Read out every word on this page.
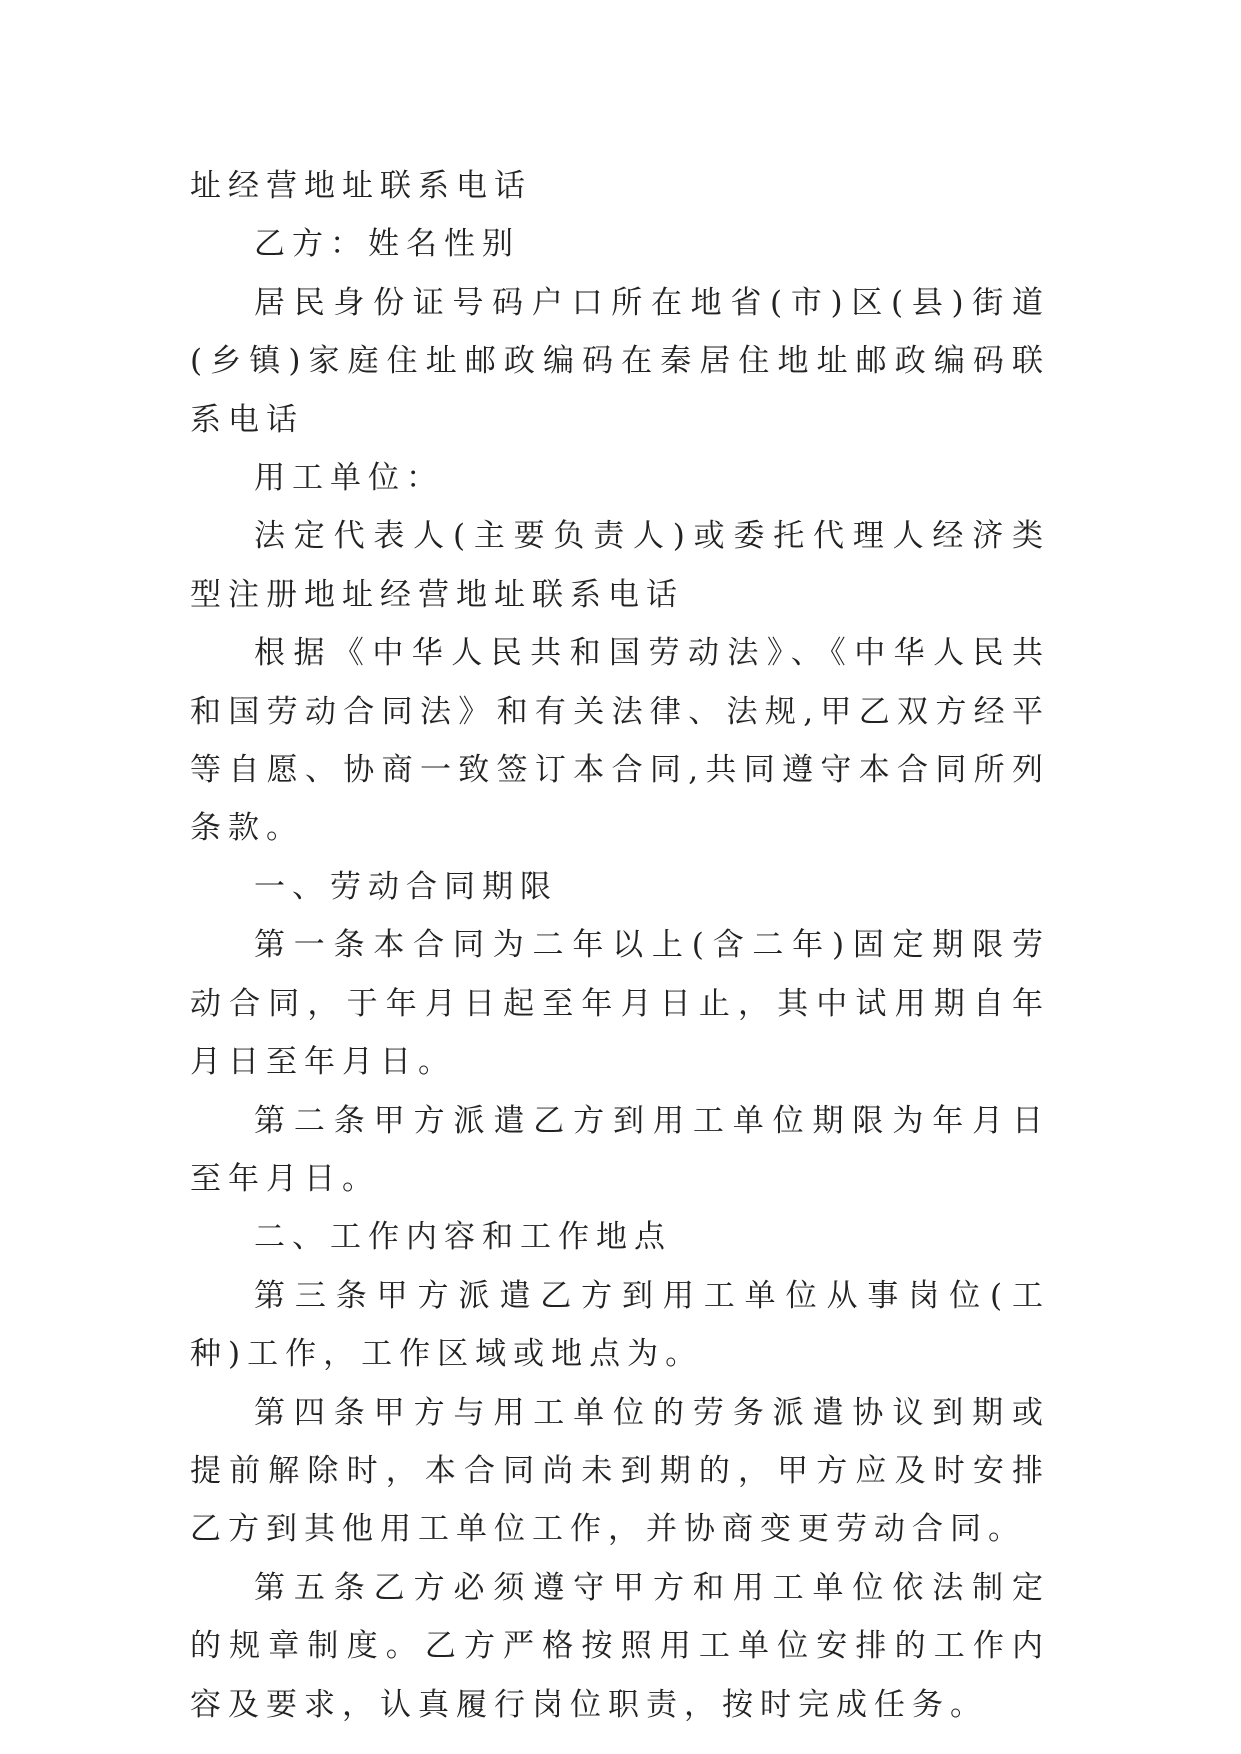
址经营地址联系电话

乙方：姓名性别

居民身份证号码户口所在地省(市)区(县)街道(乡镇)家庭住址邮政编码在秦居住地址邮政编码联系电话

用工单位：

法定代表人(主要负责人)或委托代理人经济类型注册地址经营地址联系电话

根据《中华人民共和国劳动法》、《中华人民共和国劳动合同法》和有关法律、法规,甲乙双方经平等自愿、协商一致签订本合同,共同遵守本合同所列条款。

一、劳动合同期限

第一条本合同为二年以上(含二年)固定期限劳动合同，于年月日起至年月日止，其中试用期自年月日至年月日。

第二条甲方派遣乙方到用工单位期限为年月日至年月日。

二、工作内容和工作地点

第三条甲方派遣乙方到用工单位从事岗位(工种)工作，工作区域或地点为。

第四条甲方与用工单位的劳务派遣协议到期或提前解除时，本合同尚未到期的，甲方应及时安排乙方到其他用工单位工作，并协商变更劳动合同。

第五条乙方必须遵守甲方和用工单位依法制定的规章制度。乙方严格按照用工单位安排的工作内容及要求，认真履行岗位职责，按时完成任务。
